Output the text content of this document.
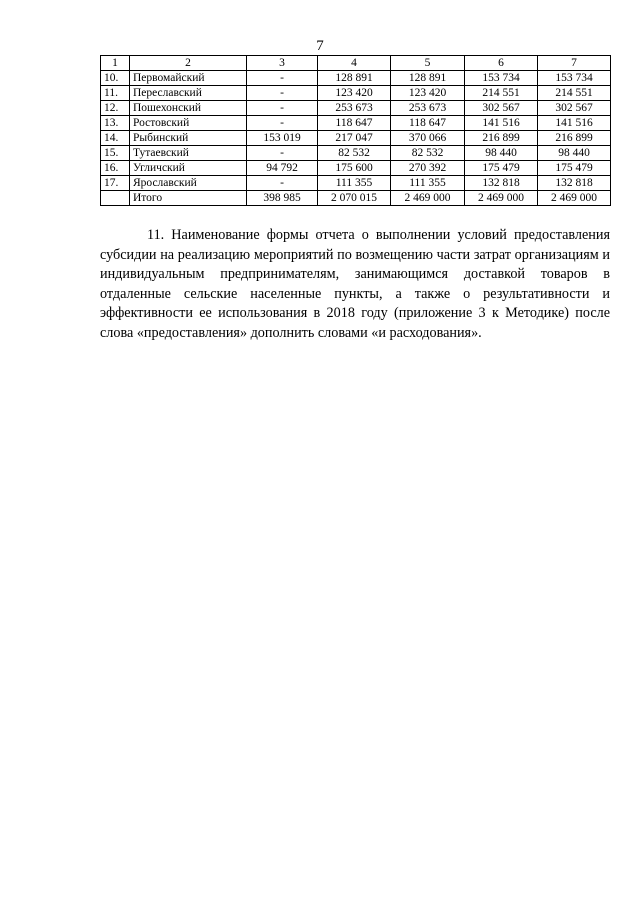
7
1	2	3	4	5	6	7
10.	Первомайский	-	128 891	128 891	153 734	153 734
11.	Переславский	-	123 420	123 420	214 551	214 551
12.	Пошехонский	-	253 673	253 673	302 567	302 567
13.	Ростовский	-	118 647	118 647	141 516	141 516
14.	Рыбинский	153 019	217 047	370 066	216 899	216 899
15.	Тутаевский	-	82 532	82 532	98 440	98 440
16.	Угличский	94 792	175 600	270 392	175 479	175 479
17.	Ярославский	-	111 355	111 355	132 818	132 818
	Итого	398 985	2 070 015	2 469 000	2 469 000	2 469 000

11. Наименование формы отчета о выполнении условий предоставления субсидии на реализацию мероприятий по возмещению части затрат организациям и индивидуальным предпринимателям, занимающимся доставкой товаров в отдаленные сельские населенные пункты, а также о результативности и эффективности ее использования в 2018 году (приложение 3 к Методике) после слова «предоставления» дополнить словами «и расходования».
